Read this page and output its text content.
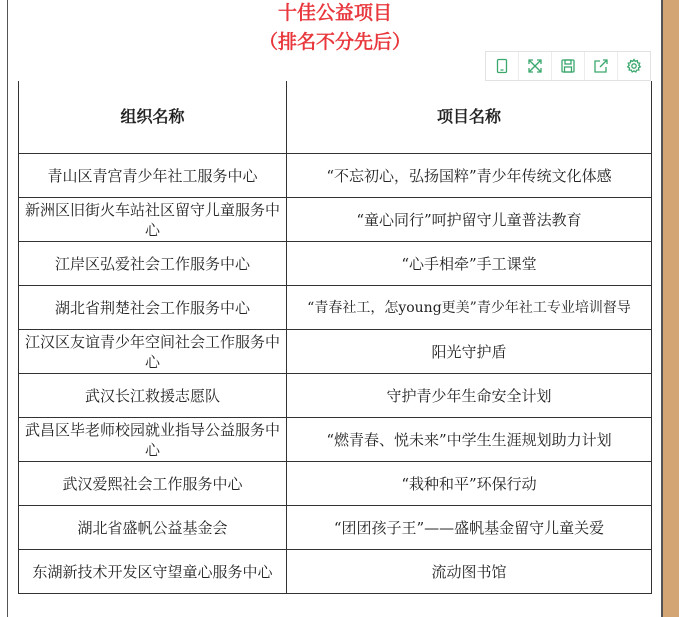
十佳公益项目
（排名不分先后）
组织名称	项目名称
青山区青宫青少年社工服务中心	“不忘初心，弘扬国粹”青少年传统文化体感
新洲区旧街火车站社区留守儿童服务中心	“童心同行”呵护留守儿童普法教育
江岸区弘爱社会工作服务中心	“心手相牵”手工课堂
湖北省荆楚社会工作服务中心	“青春社工，怎young更美”青少年社工专业培训督导
江汉区友谊青少年空间社会工作服务中心	阳光守护盾
武汉长江救援志愿队	守护青少年生命安全计划
武昌区毕老师校园就业指导公益服务中心	“燃青春、悦未来”中学生生涯规划助力计划
武汉爱熙社会工作服务中心	“栽种和平”环保行动
湖北省盛帆公益基金会	“团团孩子王”——盛帆基金留守儿童关爱
东湖新技术开发区守望童心服务中心	流动图书馆
